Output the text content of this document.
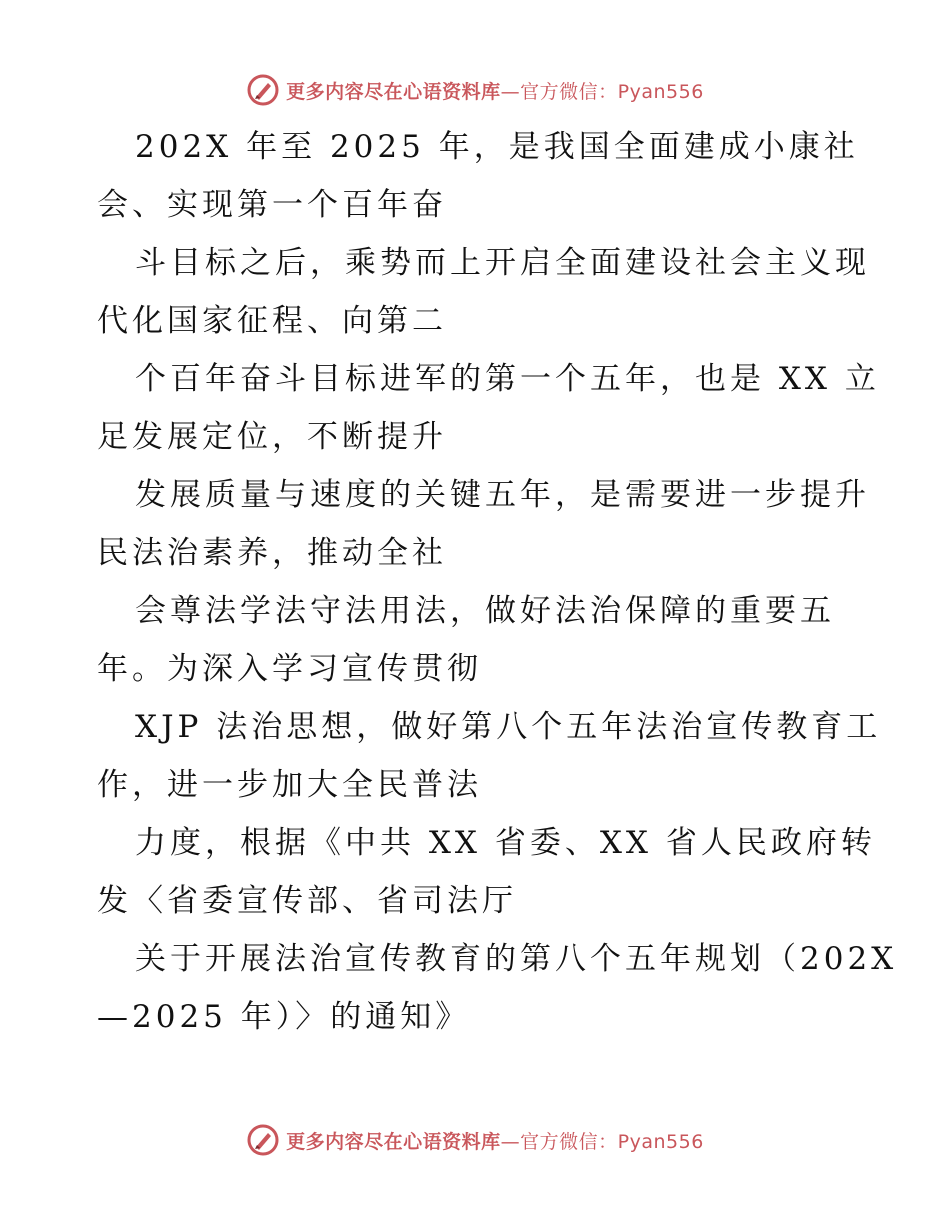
更多内容尽在心语资料库—官方微信：Pyan556
202X 年至 2025 年，是我国全面建成小康社
会、实现第一个百年奋
斗目标之后，乘势而上开启全面建设社会主义现
代化国家征程、向第二
个百年奋斗目标进军的第一个五年，也是 XX 立
足发展定位，不断提升
发展质量与速度的关键五年，是需要进一步提升
民法治素养，推动全社
会尊法学法守法用法，做好法治保障的重要五
年。为深入学习宣传贯彻
XJP 法治思想，做好第八个五年法治宣传教育工
作，进一步加大全民普法
力度，根据《中共 XX 省委、XX 省人民政府转
发〈省委宣传部、省司法厅
关于开展法治宣传教育的第八个五年规划（202X
—2025 年）〉的通知》
更多内容尽在心语资料库—官方微信：Pyan556
